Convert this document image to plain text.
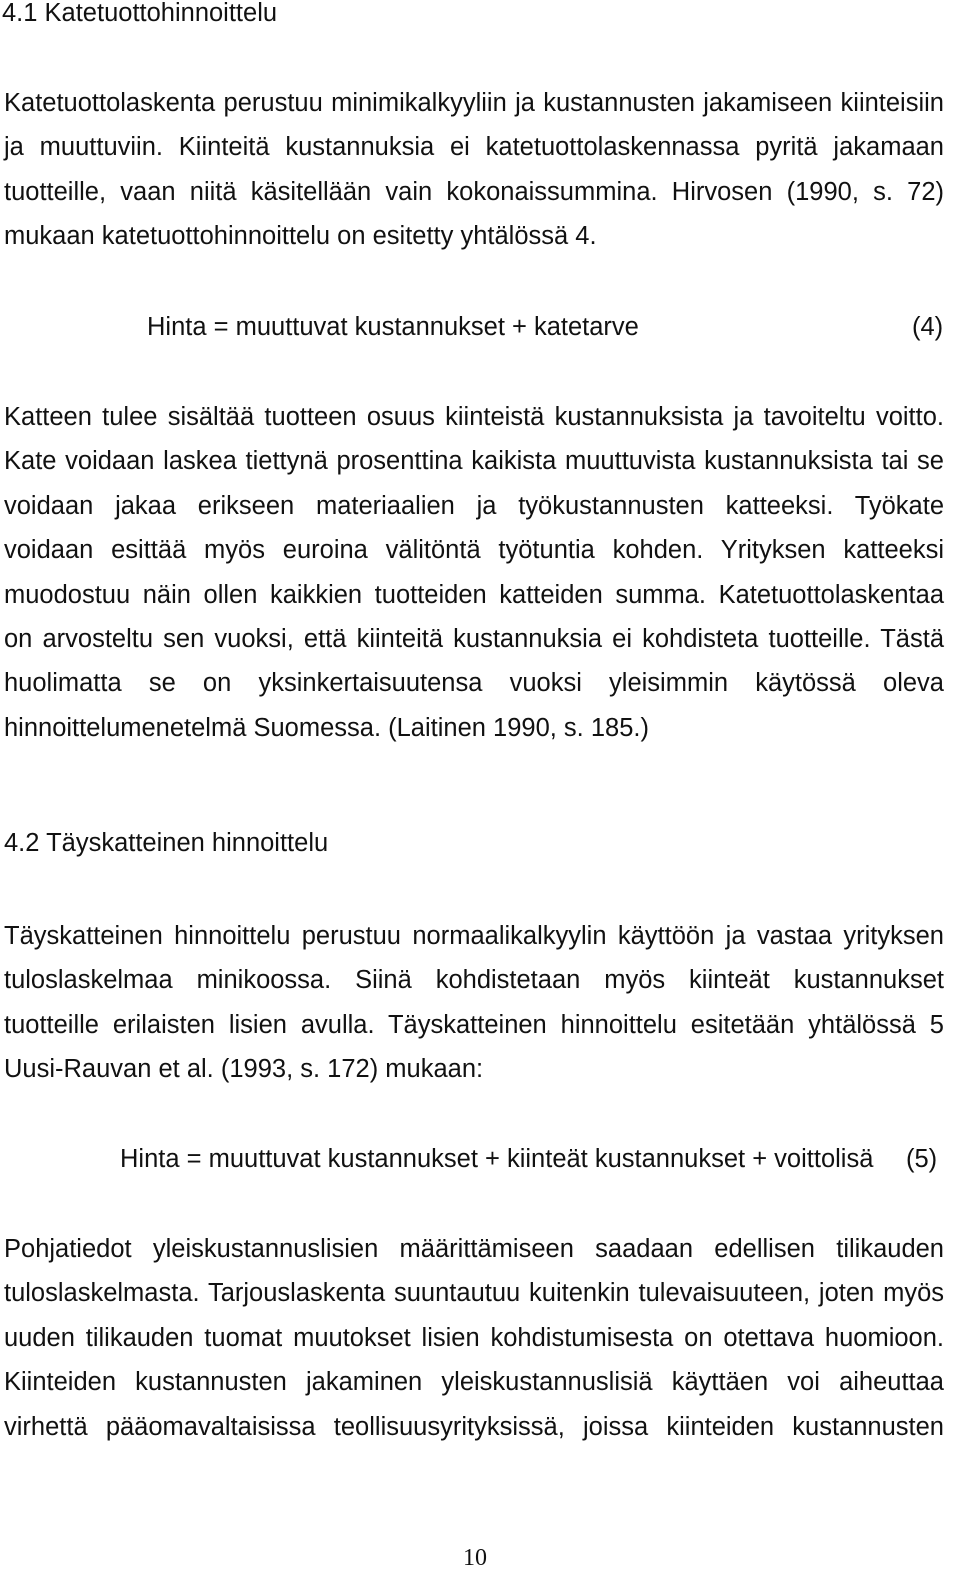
4.1 Katetuottohinnoittelu
Katetuottolaskenta perustuu minimikalkyyliin ja kustannusten jakamiseen kiinteisiin
ja muuttuviin. Kiinteitä kustannuksia ei katetuottolaskennassa pyritä jakamaan
tuotteille, vaan niitä käsitellään vain kokonaissummina. Hirvosen (1990, s. 72)
mukaan katetuottohinnoittelu on esitetty yhtälössä 4.
Hinta = muuttuvat kustannukset + katetarve	(4)
Katteen tulee sisältää tuotteen osuus kiinteistä kustannuksista ja tavoiteltu voitto.
Kate voidaan laskea tiettynä prosenttina kaikista muuttuvista kustannuksista tai se
voidaan jakaa erikseen materiaalien ja työkustannusten katteeksi. Työkate
voidaan esittää myös euroina välitöntä työtuntia kohden. Yrityksen katteeksi
muodostuu näin ollen kaikkien tuotteiden katteiden summa. Katetuottolaskentaa
on arvosteltu sen vuoksi, että kiinteitä kustannuksia ei kohdisteta tuotteille. Tästä
huolimatta se on yksinkertaisuutensa vuoksi yleisimmin käytössä oleva
hinnoittelumenetelmä Suomessa. (Laitinen 1990, s. 185.)
4.2 Täyskatteinen hinnoittelu
Täyskatteinen hinnoittelu perustuu normaalikalkyylin käyttöön ja vastaa yrityksen
tuloslaskelmaa minikoossa. Siinä kohdistetaan myös kiinteät kustannukset
tuotteille erilaisten lisien avulla. Täyskatteinen hinnoittelu esitetään yhtälössä 5
Uusi-Rauvan et al. (1993, s. 172) mukaan:
Hinta = muuttuvat kustannukset + kiinteät kustannukset + voittolisä (5)
Pohjatiedot yleiskustannuslisien määrittämiseen saadaan edellisen tilikauden
tuloslaskelmasta. Tarjouslaskenta suuntautuu kuitenkin tulevaisuuteen, joten myös
uuden tilikauden tuomat muutokset lisien kohdistumisesta on otettava huomioon.
Kiinteiden kustannusten jakaminen yleiskustannuslisiä käyttäen voi aiheuttaa
virhettä pääomavaltaisissa teollisuusyrityksissä, joissa kiinteiden kustannusten
10
